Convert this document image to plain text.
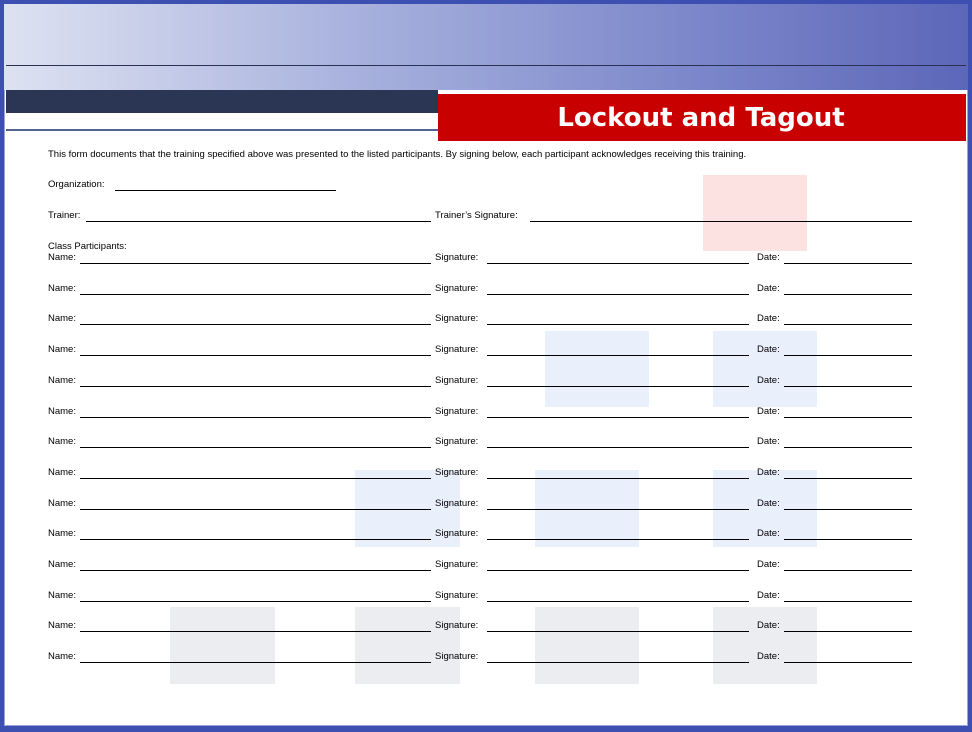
Lockout and Tagout
This form documents that the training specified above was presented to the listed participants. By signing below, each participant acknowledges receiving this training.
Organization:
Trainer:	Trainer’s Signature:
Class Participants:
Name:	Signature:	Date:
Name:	Signature:	Date:
Name:	Signature:	Date:
Name:	Signature:	Date:
Name:	Signature:	Date:
Name:	Signature:	Date:
Name:	Signature:	Date:
Name:	Signature:	Date:
Name:	Signature:	Date:
Name:	Signature:	Date:
Name:	Signature:	Date:
Name:	Signature:	Date:
Name:	Signature:	Date:
Name:	Signature:	Date:
